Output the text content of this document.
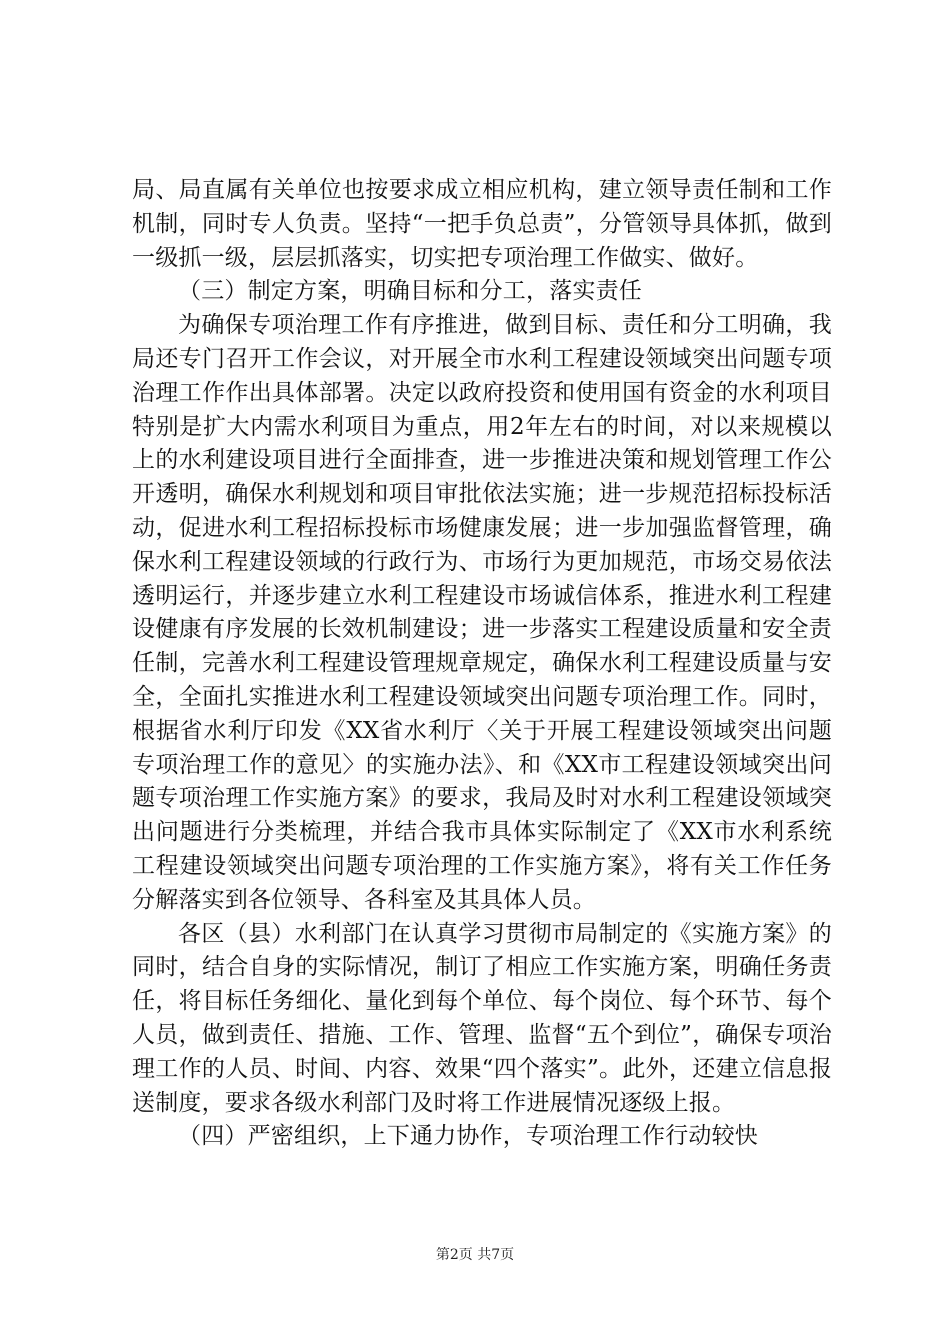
局、局直属有关单位也按要求成立相应机构，建立领导责任制和工作机制，同时专人负责。坚持“一把手负总责”，分管领导具体抓，做到一级抓一级，层层抓落实，切实把专项治理工作做实、做好。

（三）制定方案，明确目标和分工，落实责任

为确保专项治理工作有序推进，做到目标、责任和分工明确，我局还专门召开工作会议，对开展全市水利工程建设领域突出问题专项治理工作作出具体部署。决定以政府投资和使用国有资金的水利项目特别是扩大内需水利项目为重点，用2年左右的时间，对以来规模以上的水利建设项目进行全面排查，进一步推进决策和规划管理工作公开透明，确保水利规划和项目审批依法实施；进一步规范招标投标活动，促进水利工程招标投标市场健康发展；进一步加强监督管理，确保水利工程建设领域的行政行为、市场行为更加规范，市场交易依法透明运行，并逐步建立水利工程建设市场诚信体系，推进水利工程建设健康有序发展的长效机制建设；进一步落实工程建设质量和安全责任制，完善水利工程建设管理规章规定，确保水利工程建设质量与安全，全面扎实推进水利工程建设领域突出问题专项治理工作。同时，根据省水利厅印发《XX省水利厅〈关于开展工程建设领域突出问题专项治理工作的意见〉的实施办法》、和《XX市工程建设领域突出问题专项治理工作实施方案》的要求，我局及时对水利工程建设领域突出问题进行分类梳理，并结合我市具体实际制定了《XX市水利系统工程建设领域突出问题专项治理的工作实施方案》，将有关工作任务分解落实到各位领导、各科室及其具体人员。

各区（县）水利部门在认真学习贯彻市局制定的《实施方案》的同时，结合自身的实际情况，制订了相应工作实施方案，明确任务责任，将目标任务细化、量化到每个单位、每个岗位、每个环节、每个人员，做到责任、措施、工作、管理、监督“五个到位”，确保专项治理工作的人员、时间、内容、效果“四个落实”。此外，还建立信息报送制度，要求各级水利部门及时将工作进展情况逐级上报。

（四）严密组织，上下通力协作，专项治理工作行动较快

第2页 共7页
